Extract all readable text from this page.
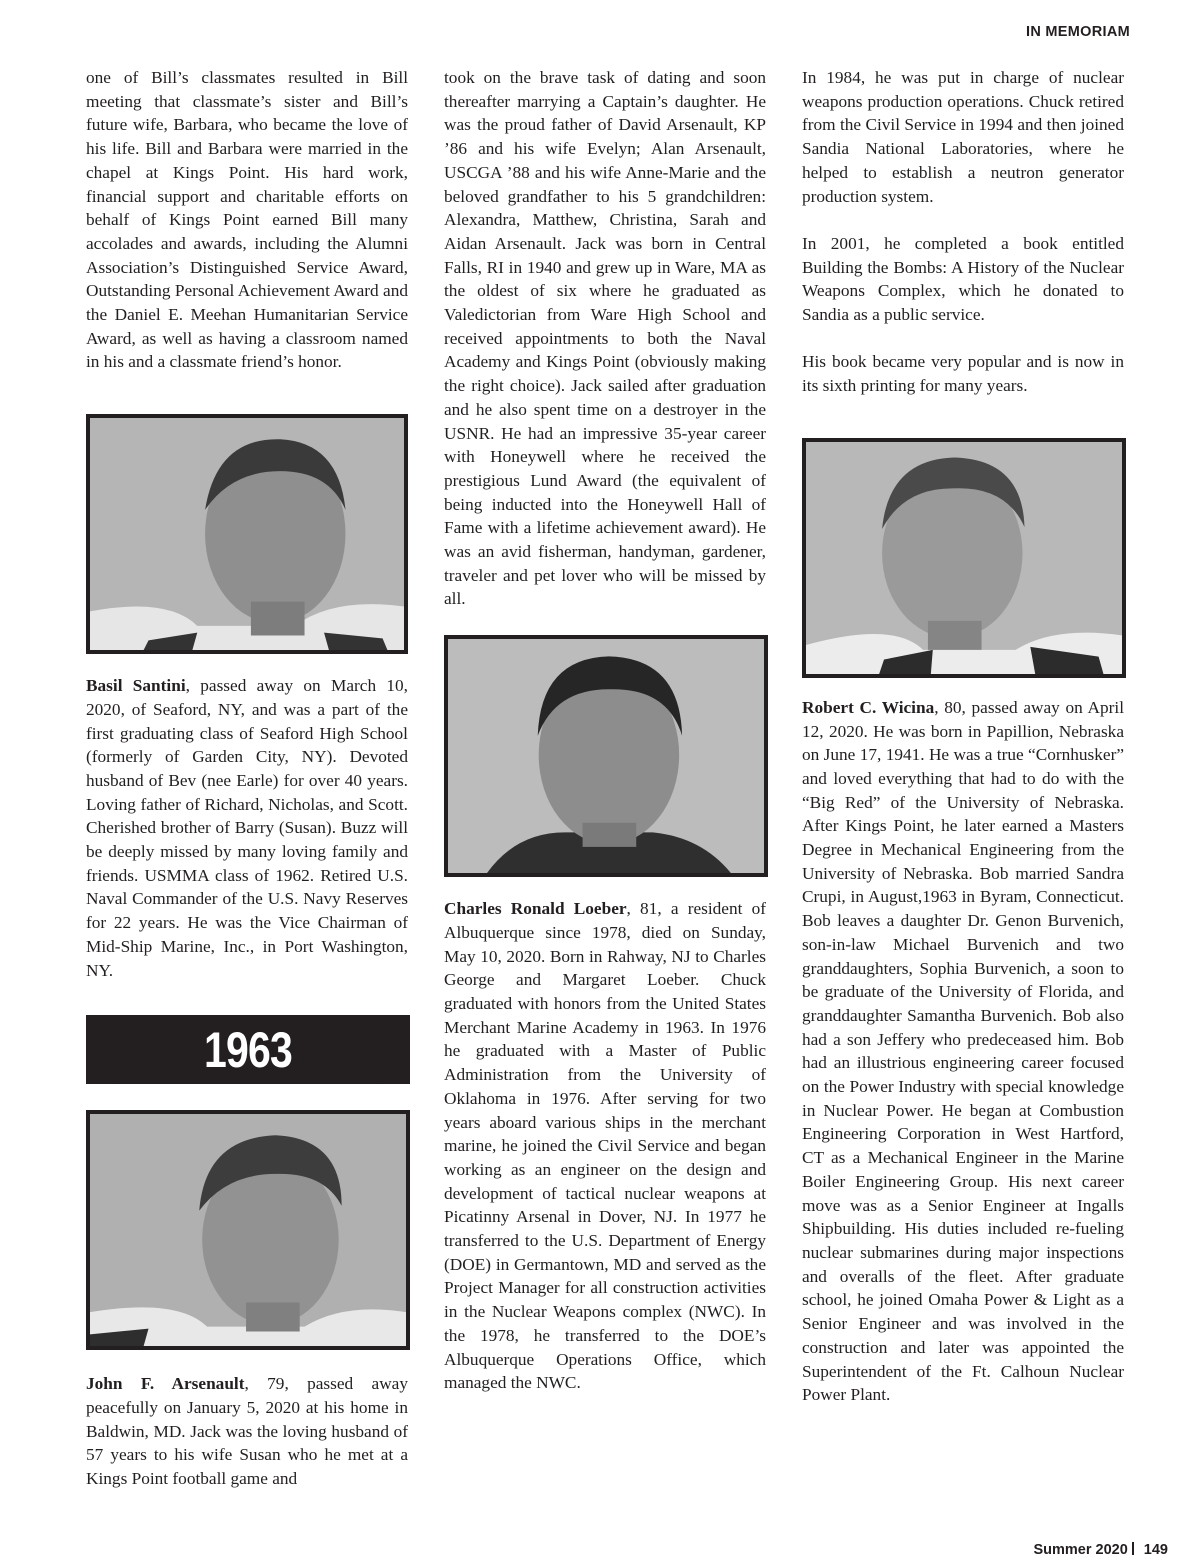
IN MEMORIAM

one of Bill’s classmates resulted in Bill meeting that classmate’s sister and Bill’s future wife, Barbara, who became the love of his life. Bill and Barbara were married in the chapel at Kings Point. His hard work, financial support and charitable efforts on behalf of Kings Point earned Bill many accolades and awards, including the Alumni Association’s Distinguished Service Award, Outstanding Personal Achievement Award and the Daniel E. Meehan Humanitarian Service Award, as well as having a classroom named in his and a classmate friend’s honor.

Basil Santini, passed away on March 10, 2020, of Seaford, NY, and was a part of the first graduating class of Seaford High School (formerly of Garden City, NY). Devoted husband of Bev (nee Earle) for over 40 years. Loving father of Richard, Nicholas, and Scott. Cherished brother of Barry (Susan). Buzz will be deeply missed by many loving family and friends. USMMA class of 1962. Retired U.S. Naval Commander of the U.S. Navy Reserves for 22 years. He was the Vice Chairman of Mid-Ship Marine, Inc., in Port Washington, NY.

1963

John F. Arsenault, 79, passed away peacefully on January 5, 2020 at his home in Baldwin, MD. Jack was the loving husband of 57 years to his wife Susan who he met at a Kings Point football game and

took on the brave task of dating and soon thereafter marrying a Captain’s daughter. He was the proud father of David Arsenault, KP ’86 and his wife Evelyn; Alan Arsenault, USCGA ’88 and his wife Anne-Marie and the beloved grandfather to his 5 grandchildren: Alexandra, Matthew, Christina, Sarah and Aidan Arsenault. Jack was born in Central Falls, RI in 1940 and grew up in Ware, MA as the oldest of six where he graduated as Valedictorian from Ware High School and received appointments to both the Naval Academy and Kings Point (obviously making the right choice). Jack sailed after graduation and he also spent time on a destroyer in the USNR. He had an impressive 35-year career with Honeywell where he received the prestigious Lund Award (the equivalent of being inducted into the Honeywell Hall of Fame with a lifetime achievement award). He was an avid fisherman, handyman, gardener, traveler and pet lover who will be missed by all.

Charles Ronald Loeber, 81, a resident of Albuquerque since 1978, died on Sunday, May 10, 2020. Born in Rahway, NJ to Charles George and Margaret Loeber. Chuck graduated with honors from the United States Merchant Marine Academy in 1963. In 1976 he graduated with a Master of Public Administration from the University of Oklahoma in 1976. After serving for two years aboard various ships in the merchant marine, he joined the Civil Service and began working as an engineer on the design and development of tactical nuclear weapons at Picatinny Arsenal in Dover, NJ. In 1977 he transferred to the U.S. Department of Energy (DOE) in Germantown, MD and served as the Project Manager for all construction activities in the Nuclear Weapons complex (NWC). In the 1978, he transferred to the DOE’s Albuquerque Operations Office, which managed the NWC.

In 1984, he was put in charge of nuclear weapons production operations. Chuck retired from the Civil Service in 1994 and then joined Sandia National Laboratories, where he helped to establish a neutron generator production system.

In 2001, he completed a book entitled Building the Bombs: A History of the Nuclear Weapons Complex, which he donated to Sandia as a public service.

His book became very popular and is now in its sixth printing for many years.

Robert C. Wicina, 80, passed away on April 12, 2020. He was born in Papillion, Nebraska on June 17, 1941. He was a true “Cornhusker” and loved everything that had to do with the “Big Red” of the University of Nebraska. After Kings Point, he later earned a Masters Degree in Mechanical Engineering from the University of Nebraska. Bob married Sandra Crupi, in August,1963 in Byram, Connecticut. Bob leaves a daughter Dr. Genon Burvenich, son-in-law Michael Burvenich and two granddaughters, Sophia Burvenich, a soon to be graduate of the University of Florida, and granddaughter Samantha Burvenich. Bob also had a son Jeffery who predeceased him. Bob had an illustrious engineering career focused on the Power Industry with special knowledge in Nuclear Power. He began at Combustion Engineering Corporation in West Hartford, CT as a Mechanical Engineer in the Marine Boiler Engineering Group. His next career move was as a Senior Engineer at Ingalls Shipbuilding. His duties included re-fueling nuclear submarines during major inspections and overalls of the fleet. After graduate school, he joined Omaha Power & Light as a Senior Engineer and was involved in the construction and later was appointed the Superintendent of the Ft. Calhoun Nuclear Power Plant.

Summer 2020 149
